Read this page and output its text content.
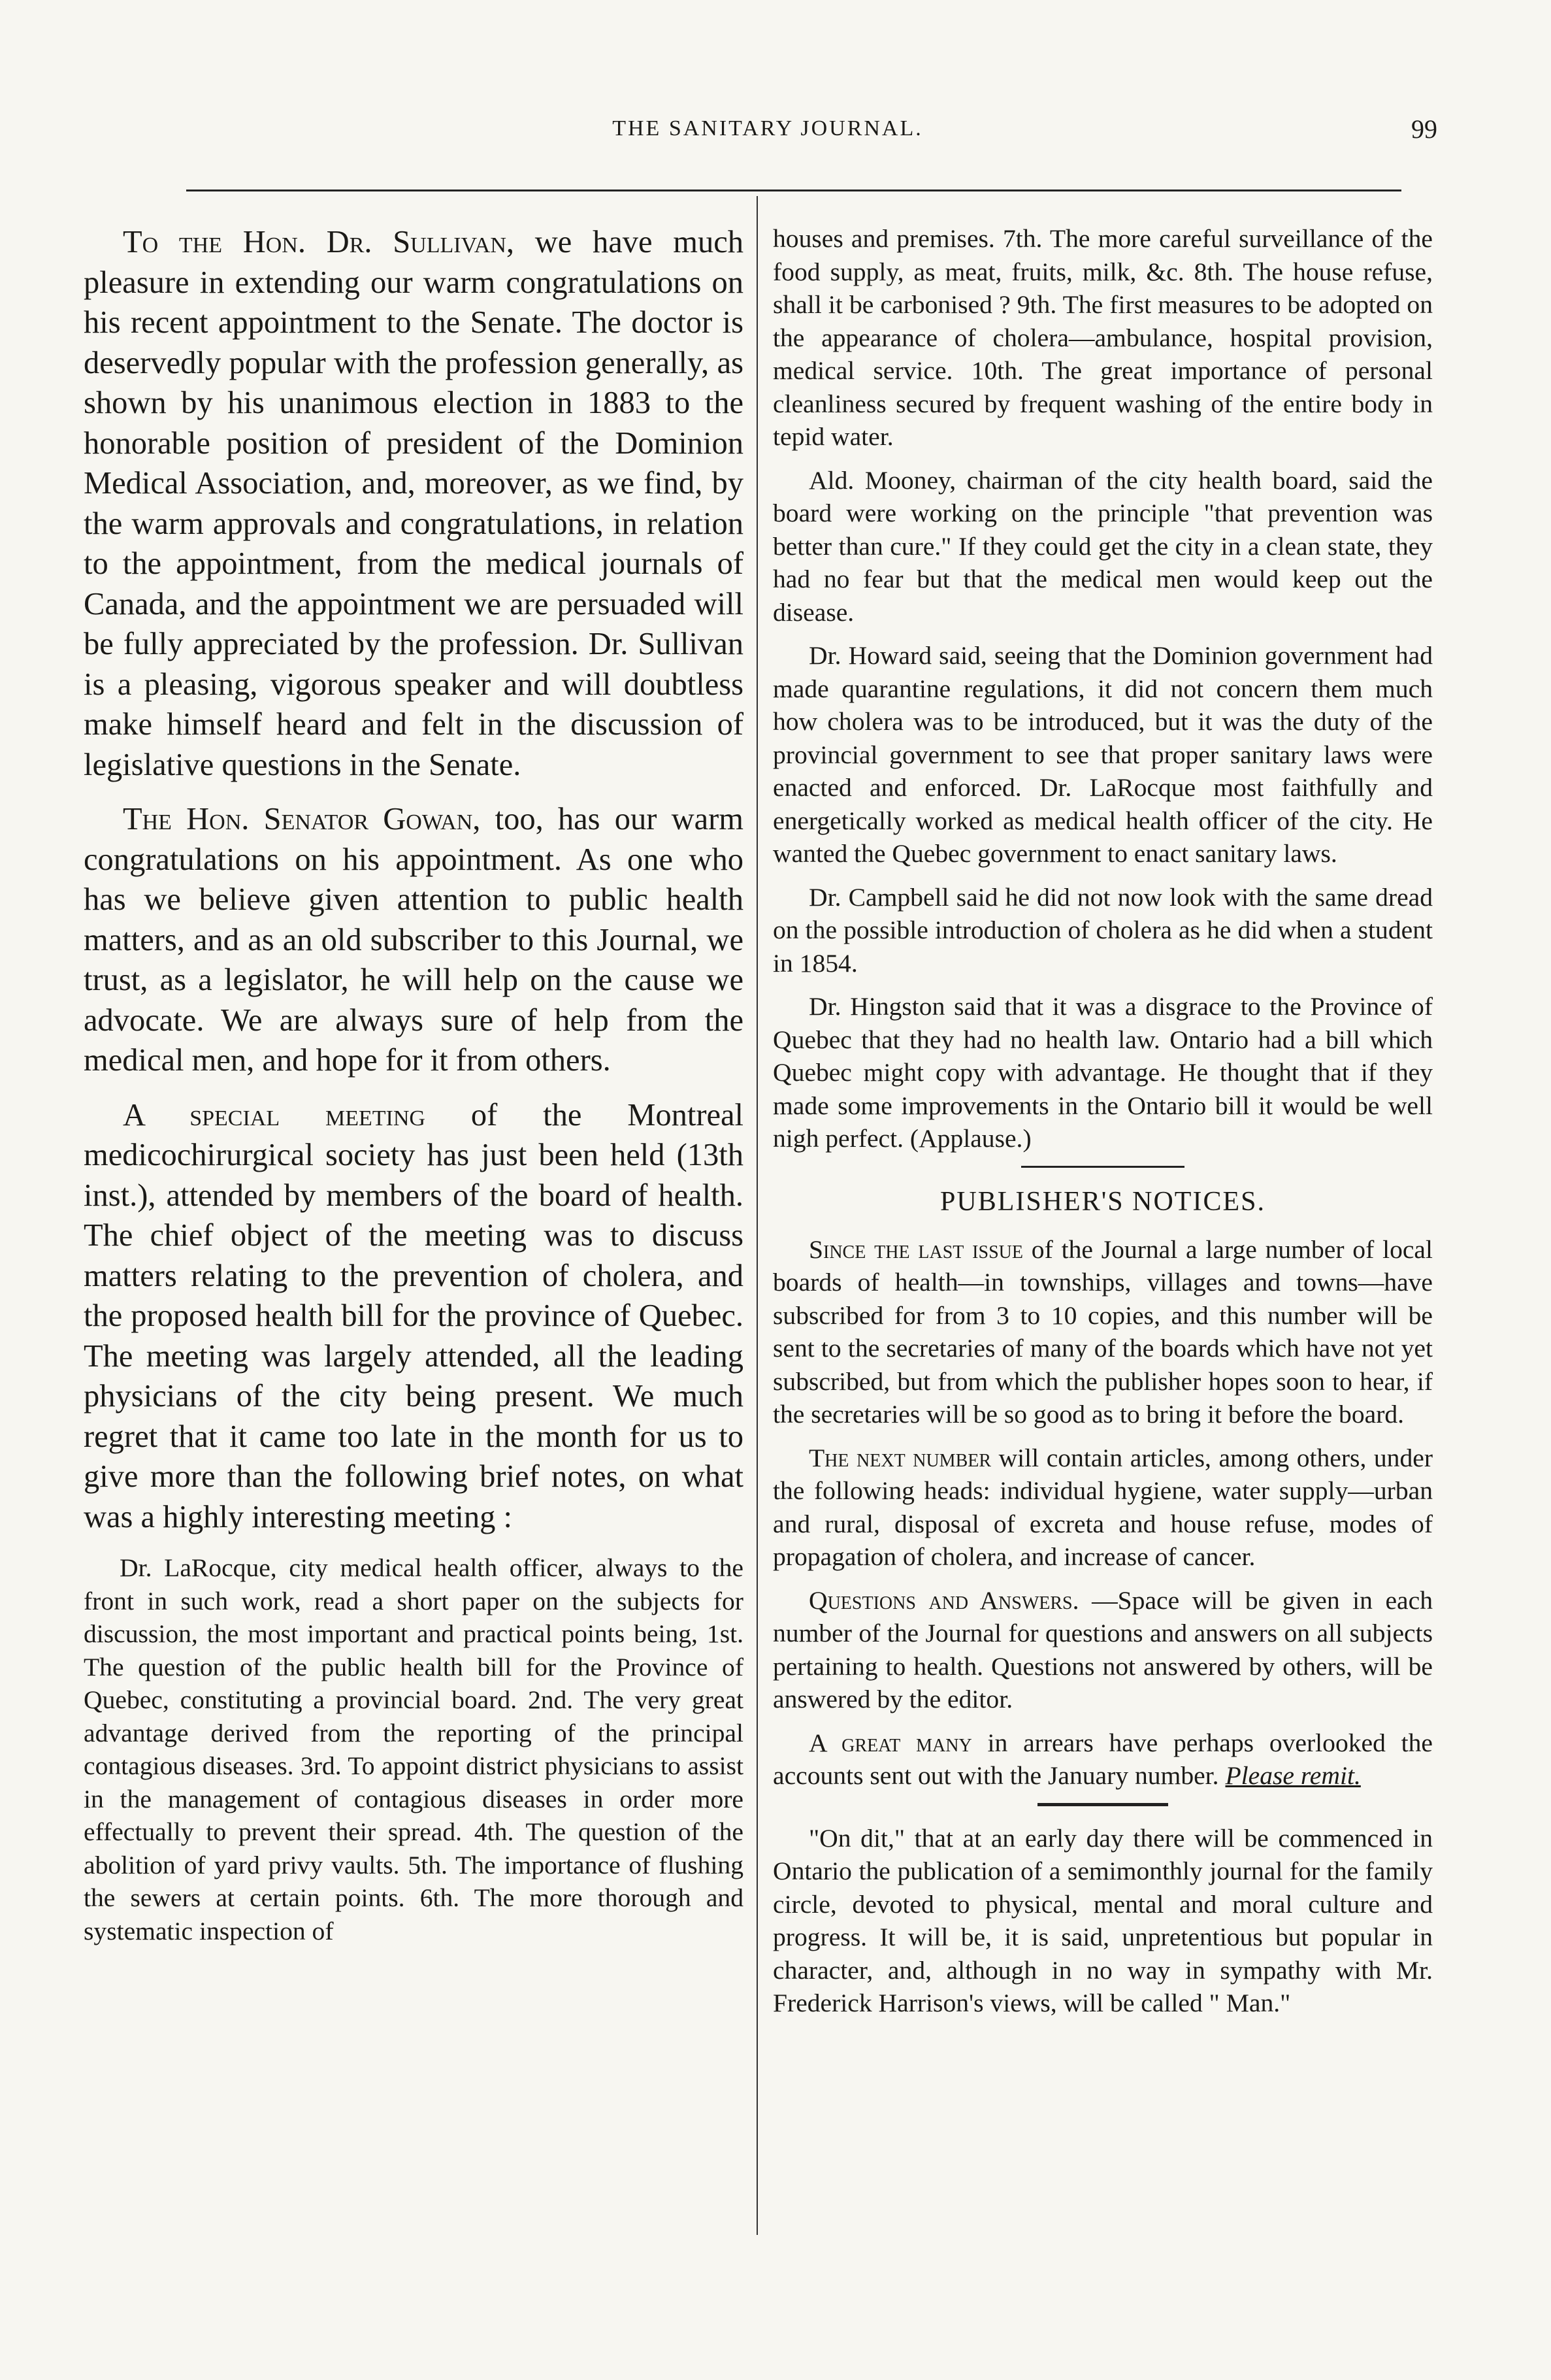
THE SANITARY JOURNAL.	99

To the Hon. Dr. Sullivan, we have much pleasure in extending our warm congratulations on his recent appointment to the Senate. The doctor is deservedly popular with the profession generally, as shown by his unanimous election in 1883 to the honorable position of president of the Dominion Medical Association, and, moreover, as we find, by the warm approvals and congratulations, in relation to the appointment, from the medical journals of Canada, and the appointment we are persuaded will be fully appreciated by the profession. Dr. Sullivan is a pleasing, vigorous speaker and will doubtless make himself heard and felt in the discussion of legislative questions in the Senate.

The Hon. Senator Gowan, too, has our warm congratulations on his appointment. As one who has we believe given attention to public health matters, and as an old subscriber to this Journal, we trust, as a legislator, he will help on the cause we advocate. We are always sure of help from the medical men, and hope for it from others.

A special meeting of the Montreal medicochirurgical society has just been held (13th inst.), attended by members of the board of health. The chief object of the meeting was to discuss matters relating to the prevention of cholera, and the proposed health bill for the province of Quebec. The meeting was largely attended, all the leading physicians of the city being present. We much regret that it came too late in the month for us to give more than the following brief notes, on what was a highly interesting meeting :

Dr. LaRocque, city medical health officer, always to the front in such work, read a short paper on the subjects for discussion, the most important and practical points being, 1st. The question of the public health bill for the Province of Quebec, constituting a provincial board. 2nd. The very great advantage derived from the reporting of the principal contagious diseases. 3rd. To appoint district physicians to assist in the management of contagious diseases in order more effectually to prevent their spread. 4th. The question of the abolition of yard privy vaults. 5th. The importance of flushing the sewers at certain points. 6th. The more thorough and systematic inspection of

houses and premises. 7th. The more careful surveillance of the food supply, as meat, fruits, milk, &c. 8th. The house refuse, shall it be carbonised ? 9th. The first measures to be adopted on the appearance of cholera—ambulance, hospital provision, medical service. 10th. The great importance of personal cleanliness secured by frequent washing of the entire body in tepid water.

Ald. Mooney, chairman of the city health board, said the board were working on the principle "that prevention was better than cure." If they could get the city in a clean state, they had no fear but that the medical men would keep out the disease.

Dr. Howard said, seeing that the Dominion government had made quarantine regulations, it did not concern them much how cholera was to be introduced, but it was the duty of the provincial government to see that proper sanitary laws were enacted and enforced. Dr. LaRocque most faithfully and energetically worked as medical health officer of the city. He wanted the Quebec government to enact sanitary laws.

Dr. Campbell said he did not now look with the same dread on the possible introduction of cholera as he did when a student in 1854.

Dr. Hingston said that it was a disgrace to the Province of Quebec that they had no health law. Ontario had a bill which Quebec might copy with advantage. He thought that if they made some improvements in the Ontario bill it would be well nigh perfect. (Applause.)

PUBLISHER'S NOTICES.

Since the last issue of the Journal a large number of local boards of health—in townships, villages and towns—have subscribed for from 3 to 10 copies, and this number will be sent to the secretaries of many of the boards which have not yet subscribed, but from which the publisher hopes soon to hear, if the secretaries will be so good as to bring it before the board.

The next number will contain articles, among others, under the following heads: individual hygiene, water supply—urban and rural, disposal of excreta and house refuse, modes of propagation of cholera, and increase of cancer.

Questions and Answers. —Space will be given in each number of the Journal for questions and answers on all subjects pertaining to health. Questions not answered by others, will be answered by the editor.

A great many in arrears have perhaps overlooked the accounts sent out with the January number. Please remit.

"On dit," that at an early day there will be commenced in Ontario the publication of a semimonthly journal for the family circle, devoted to physical, mental and moral culture and progress. It will be, it is said, unpretentious but popular in character, and, although in no way in sympathy with Mr. Frederick Harrison's views, will be called " Man."
